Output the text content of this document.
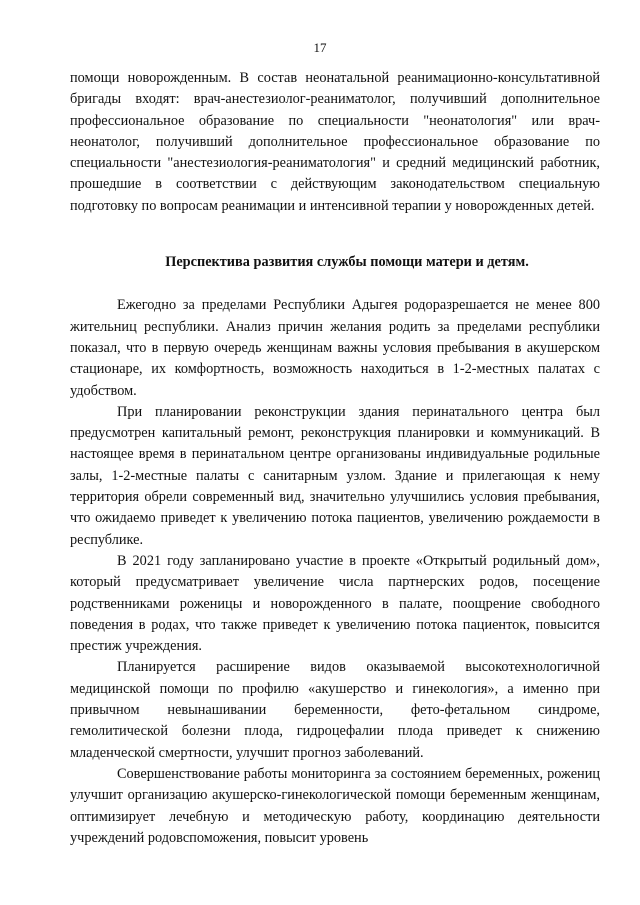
17

помощи новорожденным. В состав неонатальной реанимационно-консультативной бригады входят: врач-анестезиолог-реаниматолог, получивший дополнительное профессиональное образование по специальности "неонатология" или врач-неонатолог, получивший дополнительное профессиональное образование по специальности "анестезиология-реаниматология" и средний медицинский работник, прошедшие в соответствии с действующим законодательством специальную подготовку по вопросам реанимации и интенсивной терапии у новорожденных детей.

Перспектива развития службы помощи матери и детям.

Ежегодно за пределами Республики Адыгея родоразрешается не менее 800 жительниц республики. Анализ причин желания родить за пределами республики показал, что в первую очередь женщинам важны условия пребывания в акушерском стационаре, их комфортность, возможность находиться в 1-2-местных палатах с удобством.

При планировании реконструкции здания перинатального центра был предусмотрен капитальный ремонт, реконструкция планировки и коммуникаций. В настоящее время в перинатальном центре организованы индивидуальные родильные залы, 1-2-местные палаты с санитарным узлом. Здание и прилегающая к нему территория обрели современный вид, значительно улучшились условия пребывания, что ожидаемо приведет к увеличению потока пациентов, увеличению рождаемости в республике.

В 2021 году запланировано участие в проекте «Открытый родильный дом», который предусматривает увеличение числа партнерских родов, посещение родственниками роженицы и новорожденного в палате, поощрение свободного поведения в родах, что также приведет к увеличению потока пациенток, повысится престиж учреждения.

Планируется расширение видов оказываемой высокотехнологичной медицинской помощи по профилю «акушерство и гинекология», а именно при привычном невынашивании беременности, фето-фетальном синдроме, гемолитической болезни плода, гидроцефалии плода приведет к снижению младенческой смертности, улучшит прогноз заболеваний.

Совершенствование работы мониторинга за состоянием беременных, рожениц улучшит организацию акушерско-гинекологической помощи беременным женщинам, оптимизирует лечебную и методическую работу, координацию деятельности учреждений родовспоможения, повысит уровень
